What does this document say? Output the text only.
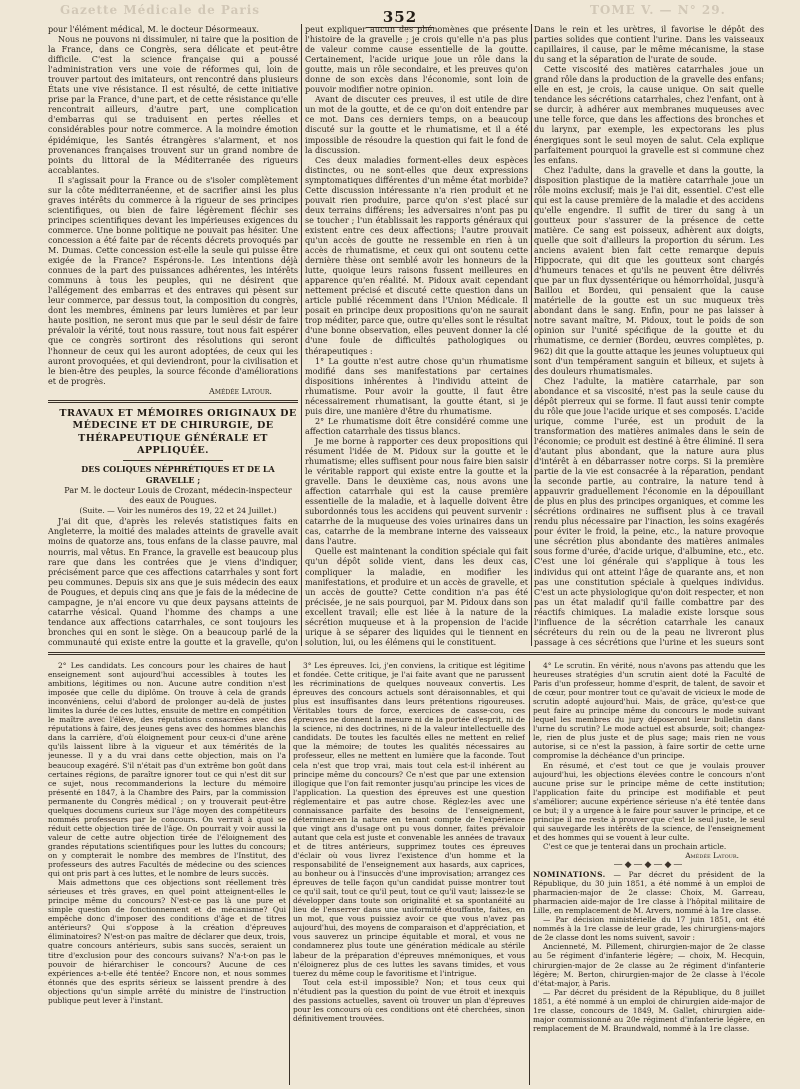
Gazette Médicale de Paris	TOME V. — N° 29.
352

pour l'élément médical, M. le docteur Désormeaux.

Nous ne pouvons ni dissimuler, ni taire que la position de la France, dans ce Congrès, sera délicate et peut-être difficile. C'est la science française qui a poussé l'administration vers une voie de réformes qui, loin de trouver partout des imitateurs, ont rencontré dans plusieurs États une vive résistance. Il est résulté, de cette initiative prise par la France, d'une part, et de cette résistance qu'elle rencontrait ailleurs, d'autre part, une complication d'embarras qui se traduisent en pertes réelles et considérables pour notre commerce. A la moindre émotion épidémique, les Santés étrangères s'alarment, et nos provenances françaises trouvent sur un grand nombre de points du littoral de la Méditerranée des rigueurs accablantes.

Il s'agissait pour la France ou de s'isoler complètement sur la côte méditerranéenne, et de sacrifier ainsi les plus graves intérêts du commerce à la rigueur de ses principes scientifiques, ou bien de faire légèrement fléchir ses principes scientifiques devant les impérieuses exigences du commerce. Une bonne politique ne pouvait pas hésiter. Une concession a été faite par de récents décrets provoqués par M. Dumas. Cette concession est-elle la seule qui puisse être exigée de la France? Espérons-le. Les intentions déjà connues de la part des puissances adhérentes, les intérêts communs à tous les peuples, qui ne désirent que l'allégement des embarras et des entraves qui pèsent sur leur commerce, par dessus tout, la composition du congrès, dont les membres, éminens par leurs lumières et par leur haute position, ne seront mus que par le seul désir de faire prévaloir la vérité, tout nous rassure, tout nous fait espérer que ce congrès sortiront des résolutions qui seront l'honneur de ceux qui les auront adoptées, de ceux qui les auront provoquées, et qui deviendront, pour la civilisation et le bien-être des peuples, la source féconde d'améliorations et de progrès.

Amédée Latour.

TRAVAUX ET MÉMOIRES ORIGINAUX DE MÉDECINE ET DE CHIRURGIE, DE THÉRAPEUTIQUE GÉNÉRALE ET APPLIQUÉE.

DES COLIQUES NÉPHRÉTIQUES ET DE LA GRAVELLE ;

Par M. le docteur Louis de Crozant, médecin-inspecteur des eaux de Pougues.

(Suite. — Voir les numéros des 19, 22 et 24 Juillet.)

J'ai dit que, d'après les relevés statistiques faits en Angleterre, la moitié des malades atteints de gravelle avait moins de quatorze ans, tous enfans de la classe pauvre, mal nourris, mal vêtus. En France, la gravelle est beaucoup plus rare que dans les contrées que je viens d'indiquer, précisément parce que ces affections catarrhales y sont fort peu communes. Depuis six ans que je suis médecin des eaux de Pougues, et depuis cinq ans que je fais de la médecine de campagne, je n'ai encore vu que deux paysans atteints de catarrhe vésical. Quand l'homme des champs a une tendance aux affections catarrhales, ce sont toujours les bronches qui en sont le siège. On a beaucoup parlé de la communauté qui existe entre la goutte et la gravelle, qu'on

peut expliquer aucun des phénomènes que présente l'histoire de la gravelle ; je crois qu'elle n'a pas plus de valeur comme cause essentielle de la goutte. Certainement, l'acide urique joue un rôle dans la goutte, mais un rôle secondaire, et les preuves qu'on donne de son excès dans l'économie, sont loin de pouvoir modifier notre opinion.

Avant de discuter ces preuves, il est utile de dire un mot de la goutte, et de ce qu'on doit entendre par ce mot. Dans ces derniers temps, on a beaucoup discuté sur la goutte et le rhumatisme, et il a été impossible de résoudre la question qui fait le fond de la discussion.

Ces deux maladies forment-elles deux espèces distinctes, ou ne sont-elles que deux expressions symptomatiques différentes d'un même état morbide? Cette discussion intéressante n'a rien produit et ne pouvait rien produire, parce qu'on s'est placé sur deux terrains différens; les adversaires n'ont pas pu se toucher ; l'un établissait les rapports généraux qui existent entre ces deux affections; l'autre prouvait qu'un accès de goutte ne ressemble en rien à un accès de rhumatisme, et ceux qui ont soutenu cette dernière thèse ont semblé avoir les honneurs de la lutte, quoique leurs raisons fussent meilleures en apparence qu'en réalité. M. Pidoux avait cependant nettement précisé et discuté cette question dans un article publié récemment dans l'Union Médicale. Il posait en principe deux propositions qu'on ne saurait trop méditer, parce que, outre qu'elles sont le résultat d'une bonne observation, elles peuvent donner la clé d'une foule de difficultés pathologiques ou thérapeutiques :

1° La goutte n'est autre chose qu'un rhumatisme modifié dans ses manifestations par certaines dispositions inhérentes à l'individu atteint de rhumatisme. Pour avoir la goutte, il faut être nécessairement rhumatisant, la goutte étant, si je puis dire, une manière d'être du rhumatisme.

2° Le rhumatisme doit être considéré comme une affection catarrhale des tissus blancs.

Je me borne à rapporter ces deux propositions qui résument l'idée de M. Pidoux sur la goutte et le rhumatisme; elles suffisent pour nous faire bien saisir le véritable rapport qui existe entre la goutte et la gravelle. Dans le deuxième cas, nous avons une affection catarrhale qui est la cause première essentielle de la maladie, et à laquelle doivent être subordonnés tous les accidens qui peuvent survenir : catarrhe de la muqueuse des voies urinaires dans un cas, catarrhe de la membrane interne des vaisseaux dans l'autre.

Quelle est maintenant la condition spéciale qui fait qu'un dépôt solide vient, dans les deux cas, compliquer la maladie, en modifier les manifestations, et produire et un accès de gravelle, et un accès de goutte? Cette condition n'a pas été précisée, je ne sais pourquoi, par M. Pidoux dans son excellent travail; elle est liée à la nature de la sécrétion muqueuse et à la propension de l'acide urique à se séparer des liquides qui le tiennent en solution, lui, ou les élémens qui le constituent.

Dans le rein et les urètres, il favorise le dépôt des parties solides que contient l'urine. Dans les vaisseaux capillaires, il cause, par le même mécanisme, la stase du sang et la séparation de l'urate de soude.

Cette viscosité des matières catarrhales joue un grand rôle dans la production de la gravelle des enfans; elle en est, je crois, la cause unique. On sait quelle tendance les sécrétions catarrhales, chez l'enfant, ont à se durcir, à adhérer aux membranes muqueuses avec une telle force, que dans les affections des bronches et du larynx, par exemple, les expectorans les plus énergiques sont le seul moyen de salut. Cela explique parfaitement pourquoi la gravelle est si commune chez les enfans.

Chez l'adulte, dans la gravelle et dans la goutte, la disposition plastique de la matière catarrhale joue un rôle moins exclusif; mais je l'ai dit, essentiel. C'est elle qui est la cause première de la maladie et des accidens qu'elle engendre. Il suffit de tirer du sang à un goutteux pour s'assurer de la présence de cette matière. Ce sang est poisseux, adhèrent aux doigts, quelle que soit d'ailleurs la proportion du sérum. Les anciens avaient bien fait cette remarque depuis Hippocrate, qui dit que les goutteux sont chargés d'humeurs tenaces et qu'ils ne peuvent être délivrés que par un flux dyssentérique ou hémorrhoïdal, jusqu'à Baillou et Bordeu, qui pensaient que la cause matérielle de la goutte est un suc muqueux très abondant dans le sang. Enfin, pour ne pas laisser à notre savant maître, M. Pidoux, tout le poids de son opinion sur l'unité spécifique de la goutte et du rhumatisme, ce dernier (Bordeu, œuvres complètes, p. 962) dit que la goutte attaque les jeunes voluptueux qui sont d'un tempérament sanguin et bilieux, et sujets à des douleurs rhumatismales.

Chez l'adulte, la matière catarrhale, par son abondance et sa viscosité, n'est pas la seule cause du dépôt pierreux qui se forme. Il faut aussi tenir compte du rôle que joue l'acide urique et ses composés. L'acide urique, comme l'urée, est un produit de la transformation des matières animales dans le sein de l'économie; ce produit est destiné à être éliminé. Il sera d'autant plus abondant, que la nature aura plus d'intérêt à en débarrasser notre corps. Si la première partie de la vie est consacrée à la réparation, pendant la seconde partie, au contraire, la nature tend à appauvrir graduellement l'économie en la dépouillant de plus en plus des principes organiques, et comme les sécrétions ordinaires ne suffisent plus à ce travail rendu plus nécessaire par l'inaction, les soins exagérés pour éviter le froid, la peine, etc., la nature provoque une sécrétion plus abondante des matières animales sous forme d'urée, d'acide urique, d'albumine, etc., etc. C'est une loi générale qui s'applique à tous les individus qui ont atteint l'âge de quarante ans, et non pas une constitution spéciale à quelques individus. C'est un acte physiologique qu'on doit respecter, et non pas un état maladif qu'il faille combattre par des réactifs chimiques. La maladie existe lorsque sous l'influence de la sécrétion catarrhale les canaux sécréteurs du rein ou de la peau ne livreront plus passage à ces sécrétions que l'urine et les sueurs sont

2° Les candidats. Les concours pour les chaires de haut enseignement sont aujourd'hui accessibles à toutes les ambitions, légitimes ou non. Aucune autre condition n'est imposée que celle du diplôme. On trouve à cela de grands inconvéniens, celui d'abord de prolonger au-delà de justes limites la durée de ces luttes, ensuite de mettre en compétition le maître avec l'élève, des réputations consacrées avec des réputations à faire, des jeunes gens avec des hommes blanchis dans la carrière, d'où éloignement pour ceux-ci d'une arène qu'ils laissent libre à la vigueur et aux témérités de la jeunesse. Il y a du vrai dans cette objection, mais on l'a beaucoup exagéré. S'il n'était pas d'un extrême bon goût dans certaines régions, de paraître ignorer tout ce qui n'est dit sur ce sujet, nous recommanderions la lecture du mémoire présenté en 1847, à la Chambre des Pairs, par la commission permanente du Congrès médical ; on y trouverait peut-être quelques documens curieux sur l'âge moyen des compétiteurs nommés professeurs par le concours. On verrait à quoi se réduit cette objection tirée de l'âge. On pourrait y voir aussi la valeur de cette autre objection tirée de l'éloignement des grandes réputations scientifiques pour les luttes du concours; on y compterait le nombre des membres de l'Institut, des professeurs des autres Facultés de médecine ou des sciences qui ont pris part à ces luttes, et le nombre de leurs succès.

Mais admettons que ces objections sont réellement très sérieuses et très graves, en quel point atteignent-elles le principe même du concours? N'est-ce pas là une pure et simple question de fonctionnement et de mécanisme? Qui empêche donc d'imposer des conditions d'âge et de titres antérieurs? Qui s'oppose à la création d'épreuves éliminatoires? N'est-on pas maître de déclarer que deux, trois, quatre concours antérieurs, subis sans succès, seraient un titre d'exclusion pour des concours suivans? N'a-t-on pas le pouvoir de hiérarchiser le concours? Aucune de ces expériences a-t-elle été tentée? Encore non, et nous sommes étonnés que des esprits sérieux se laissent prendre à des objections qu'un simple arrêté du ministre de l'instruction publique peut lever à l'instant.

3° Les épreuves. Ici, j'en conviens, la critique est légitime et fondée. Cette critique, je l'ai faite avant que ne parussent les récriminations de quelques nouveaux convertis. Les épreuves des concours actuels sont déraisonnables, et qui plus est insuffisantes dans leurs prétentions rigoureuses. Véritables tours de force, exercices de casse-cou, ces épreuves ne donnent la mesure ni de la portée d'esprit, ni de la science, ni des doctrines, ni de la valeur intellectuelle des candidats. De toutes les facultés elles ne mettent en relief que la mémoire; de toutes les qualités nécessaires au professeur, elles ne mettent en lumière que la faconde. Tout cela n'est que trop vrai, mais tout cela est-il inhérent au principe même du concours? Ce n'est que par une extension illogique que l'on fait remonter jusqu'au principe les vices de l'application. La question des épreuves est une question réglementaire et pas autre chose. Réglez-les avec une connaissance parfaite des besoins de l'enseignement, déterminez-en la nature en tenant compte de l'expérience que vingt ans d'usage ont pu vous donner, faites prévaloir autant que cela est juste et convenable les années de travaux et de titres antérieurs, supprimez toutes ces épreuves d'éclair où vous livrez l'existence d'un homme et la responsabilité de l'enseignement aux hasards, aux caprices, au bonheur ou à l'insuccès d'une improvisation; arrangez ces épreuves de telle façon qu'un candidat puisse montrer tout ce qu'il sait, tout ce qu'il peut, tout ce qu'il vaut; laissez-le se développer dans toute son originalité et sa spontanéité au lieu de l'enserrer dans une uniformité étouffante, faites, en un mot, que vous puissiez avoir ce que vous n'avez pas aujourd'hui, des moyens de comparaison et d'appréciation, et vous sauverez un principe équitable et moral, et vous ne condamnerez plus toute une génération médicale au stérile labeur de la préparation d'épreuves mnémoniques, et vous n'éloignerez plus de ces luttes les savans timides, et vous tuerez du même coup le favoritisme et l'intrigue.

Tout cela est-il impossible? Non; et tous ceux qui n'étudient pas la question du point de vue étroit et inexquis des passions actuelles, savent où trouver un plan d'épreuves pour les concours où ces conditions ont été cherchées, sinon définitivement trouvées.

4° Le scrutin. En vérité, nous n'avons pas attendu que les heureuses stratégies d'un scrutin aient doté la Faculté de Paris d'un professeur, homme d'esprit, de talent, de savoir et de cœur, pour montrer tout ce qu'avait de vicieux le mode de scrutin adopté aujourd'hui. Mais, de grâce, qu'est-ce que peut faire au principe même du concours le mode suivant lequel les membres du jury déposeront leur bulletin dans l'urne du scrutin? Le mode actuel est absurde, soit; changez-le, rien de plus juste et de plus sage; mais rien ne vous autorise, si ce n'est la passion, à faire sortir de cette urne compromise la déchéance d'un principe.

En résumé, et c'est tout ce que je voulais prouver aujourd'hui, les objections élevées contre le concours n'ont aucune prise sur le principe même de cette institution; l'application faite du principe est modifiable et peut s'améliorer; aucune expérience sérieuse n'a été tentée dans ce but; il y a urgence à le faire pour sauver le principe, et ce principe il me reste à prouver que c'est le seul juste, le seul qui sauvegarde les intérêts de la science, de l'enseignement et des hommes qui se vouent à leur culte.

C'est ce que je tenterai dans un prochain article.

Amédée Latour.

—◆—◆—◆—

NOMINATIONS. — Par décret du président de la République, du 30 juin 1851, a été nommé à un emploi de pharmacien-major de 2e classe: Choix, M. Garreau, pharmacien aide-major de 1re classe à l'hôpital militaire de Lille, en remplacement de M. Arvers, nommé à la 1re classe.

— Par décision ministérielle du 17 juin 1851, ont été nommés à la 1re classe de leur grade, les chirurgiens-majors de 2e classe dont les noms suivent, savoir :

Ancienneté, M. Pillement, chirurgien-major de 2e classe au 5e régiment d'infanterie légère; — choix, M. Hecquin, chirurgien-major de 2e classe au 2e régiment d'infanterie légère; M. Berton, chirurgien-major de 2e classe à l'école d'état-major, à Paris.

— Par décret du président de la République, du 8 juillet 1851, a été nommé à un emploi de chirurgien aide-major de 1re classe, concours de 1849, M. Gallet, chirurgien aide-major commissionné au 20e régiment d'infanterie légère, en remplacement de M. Braundwald, nommé à la 1re classe.
